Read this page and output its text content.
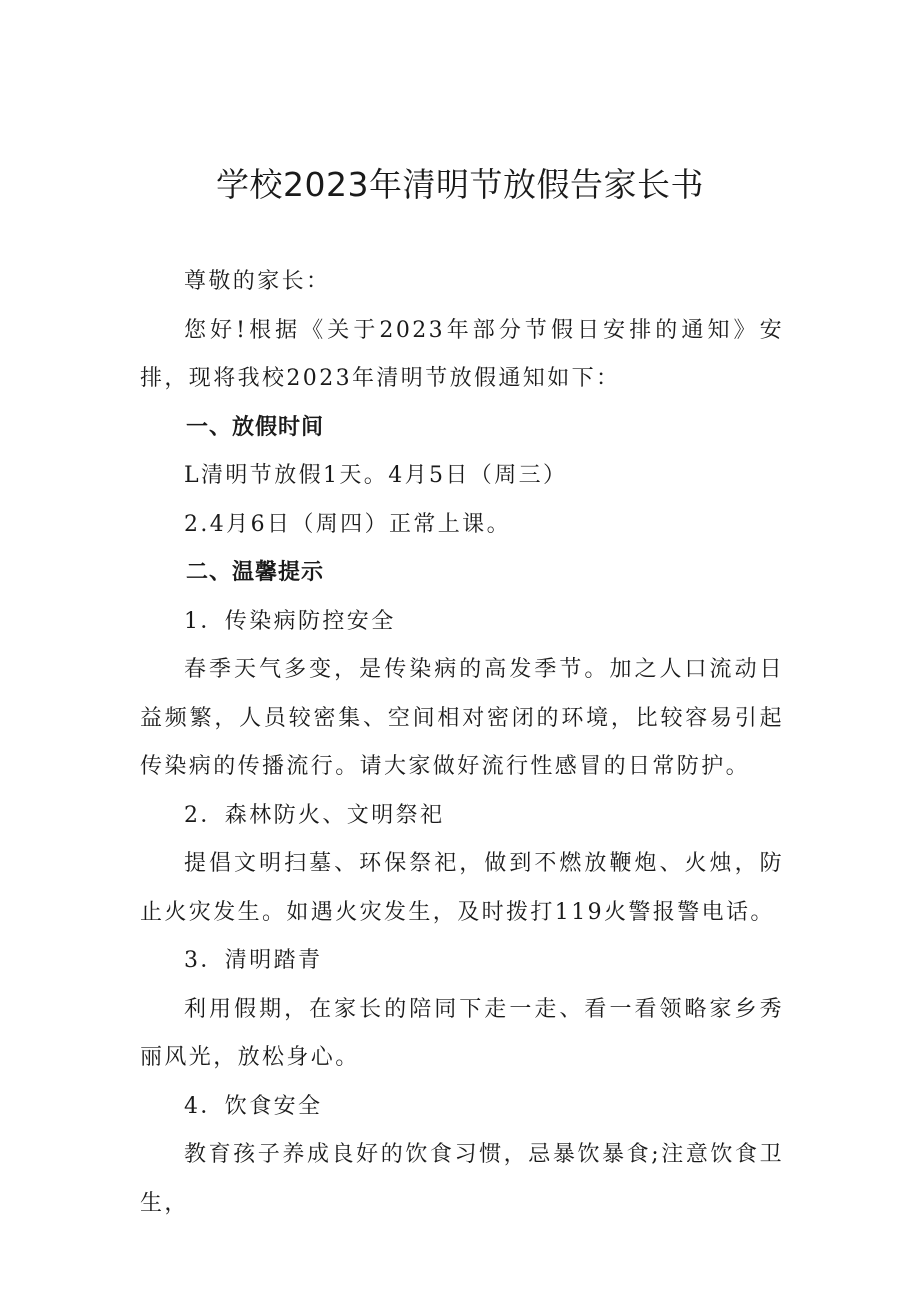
学校2023年清明节放假告家长书

尊敬的家长：

您好!根据《关于2023年部分节假日安排的通知》安排，现将我校2023年清明节放假通知如下：

一、放假时间

L清明节放假1天。4月5日（周三）

2.4月6日（周四）正常上课。

二、温馨提示

1．传染病防控安全

春季天气多变，是传染病的高发季节。加之人口流动日益频繁，人员较密集、空间相对密闭的环境，比较容易引起传染病的传播流行。请大家做好流行性感冒的日常防护。

2．森林防火、文明祭祀

提倡文明扫墓、环保祭祀，做到不燃放鞭炮、火烛，防止火灾发生。如遇火灾发生，及时拨打119火警报警电话。

3．清明踏青

利用假期，在家长的陪同下走一走、看一看领略家乡秀丽风光，放松身心。

4．饮食安全

教育孩子养成良好的饮食习惯，忌暴饮暴食;注意饮食卫生，
